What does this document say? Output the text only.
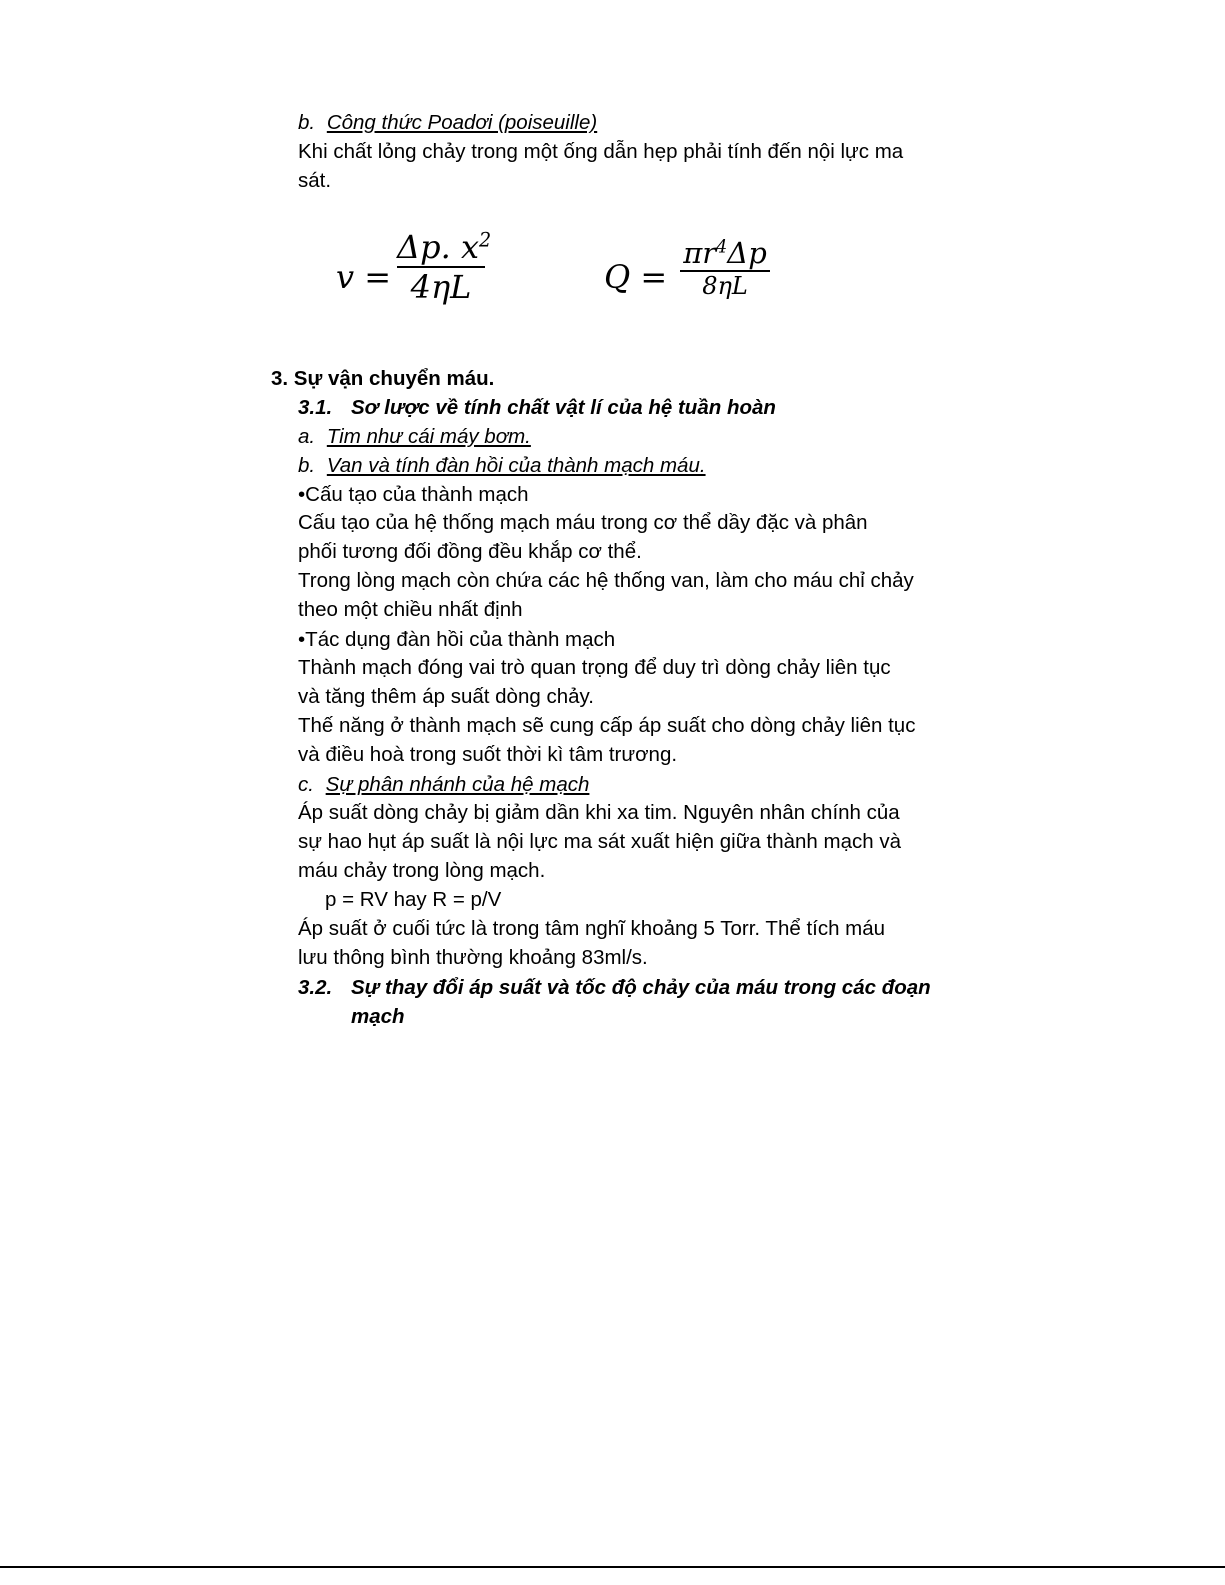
b. Công thức Poadơi (poiseuille)
Khi chất lỏng chảy trong một ống dẫn hẹp phải tính đến nội lực ma
sát.
v =
Δp. $x^2$
4ηL	Q =
$\pi r^4\Delta p$
8ηL
3. Sự vận chuyển máu.
3.1. Sơ lược về tính chất vật lí của hệ tuần hoàn
a. Tim như cái máy bơm.
b. Van và tính đàn hồi của thành mạch máu.
•Cấu tạo của thành mạch
Cấu tạo của hệ thống mạch máu trong cơ thể dầy đặc và phân
phối tương đối đồng đều khắp cơ thể.
Trong lòng mạch còn chứa các hệ thống van, làm cho máu chỉ chảy
theo một chiều nhất định
•Tác dụng đàn hồi của thành mạch
Thành mạch đóng vai trò quan trọng để duy trì dòng chảy liên tục
và tăng thêm áp suất dòng chảy.
Thế năng ở thành mạch sẽ cung cấp áp suất cho dòng chảy liên tục
và điều hoà trong suốt thời kì tâm trương.
c. Sự phân nhánh của hệ mạch
Áp suất dòng chảy bị giảm dần khi xa tim. Nguyên nhân chính của
sự hao hụt áp suất là nội lực ma sát xuất hiện giữa thành mạch và
máu chảy trong lòng mạch.
p = RV hay R = p/V
Áp suất ở cuối tức là trong tâm nghĩ khoảng 5 Torr. Thể tích máu
lưu thông bình thường khoảng 83ml/s.
3.2. Sự thay đổi áp suất và tốc độ chảy của máu trong các đoạn
mạch
